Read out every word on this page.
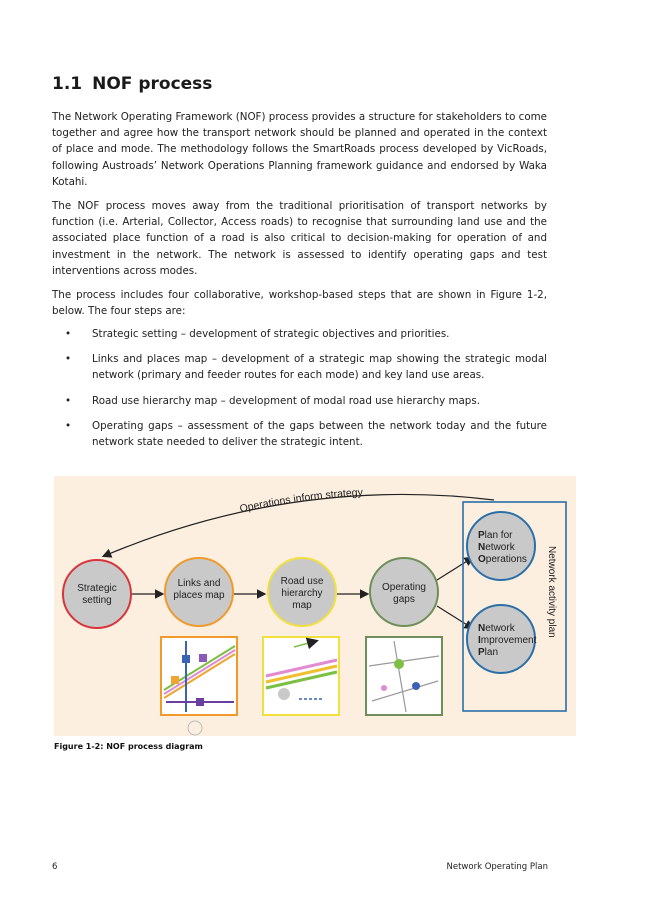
1.1 NOF process

The Network Operating Framework (NOF) process provides a structure for stakeholders to come together and agree how the transport network should be planned and operated in the context of place and mode. The methodology follows the SmartRoads process developed by VicRoads, following Austroads’ Network Operations Planning framework guidance and endorsed by Waka Kotahi.

The NOF process moves away from the traditional prioritisation of transport networks by function (i.e. Arterial, Collector, Access roads) to recognise that surrounding land use and the associated place function of a road is also critical to decision-making for operation of and investment in the network. The network is assessed to identify operating gaps and test interventions across modes.

The process includes four collaborative, workshop-based steps that are shown in Figure 1-2, below. The four steps are:

• Strategic setting – development of strategic objectives and priorities.
• Links and places map – development of a strategic map showing the strategic modal network (primary and feeder routes for each mode) and key land use areas.
• Road use hierarchy map – development of modal road use hierarchy maps.
• Operating gaps – assessment of the gaps between the network today and the future network state needed to deliver the strategic intent.
Operations inform strategy
Strategic
setting
Links and
places map
Road use
hierarchy
map
Operating
gaps	Network activity plan
Plan for
Network
Operations
Network
Improvement
Plan
Figure 1-2: NOF process diagram
6	Network Operating Plan
